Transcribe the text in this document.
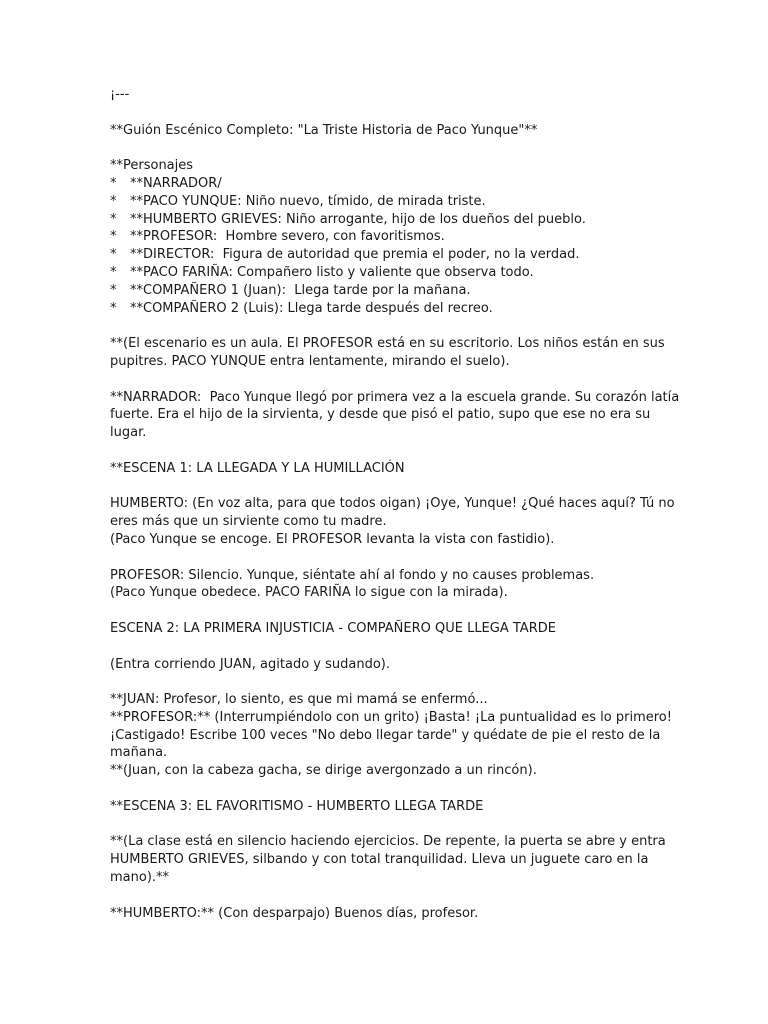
¡---
**Guión Escénico Completo: "La Triste Historia de Paco Yunque"**
**Personajes
* **NARRADOR/
* **PACO YUNQUE: Niño nuevo, tímido, de mirada triste.
* **HUMBERTO GRIEVES: Niño arrogante, hijo de los dueños del pueblo.
* **PROFESOR:  Hombre severo, con favoritismos.
* **DIRECTOR:  Figura de autoridad que premia el poder, no la verdad.
* **PACO FARIÑA: Compañero listo y valiente que observa todo.
* **COMPAÑERO 1 (Juan):  Llega tarde por la mañana.
* **COMPAÑERO 2 (Luis): Llega tarde después del recreo.
**(El escenario es un aula. El PROFESOR está en su escritorio. Los niños están en sus
pupitres. PACO YUNQUE entra lentamente, mirando el suelo).
**NARRADOR:  Paco Yunque llegó por primera vez a la escuela grande. Su corazón latía
fuerte. Era el hijo de la sirvienta, y desde que pisó el patio, supo que ese no era su
lugar.
**ESCENA 1: LA LLEGADA Y LA HUMILLACIÓN
HUMBERTO: (En voz alta, para que todos oigan) ¡Oye, Yunque! ¿Qué haces aquí? Tú no
eres más que un sirviente como tu madre.
(Paco Yunque se encoge. El PROFESOR levanta la vista con fastidio).
PROFESOR: Silencio. Yunque, siéntate ahí al fondo y no causes problemas.
(Paco Yunque obedece. PACO FARIÑA lo sigue con la mirada).
ESCENA 2: LA PRIMERA INJUSTICIA - COMPAÑERO QUE LLEGA TARDE
(Entra corriendo JUAN, agitado y sudando).
**JUAN: Profesor, lo siento, es que mi mamá se enfermó...
**PROFESOR:** (Interrumpiéndolo con un grito) ¡Basta! ¡La puntualidad es lo primero!
¡Castigado! Escribe 100 veces "No debo llegar tarde" y quédate de pie el resto de la
mañana.
**(Juan, con la cabeza gacha, se dirige avergonzado a un rincón).
**ESCENA 3: EL FAVORITISMO - HUMBERTO LLEGA TARDE
**(La clase está en silencio haciendo ejercicios. De repente, la puerta se abre y entra
HUMBERTO GRIEVES, silbando y con total tranquilidad. Lleva un juguete caro en la
mano).**
**HUMBERTO:** (Con desparpajo) Buenos días, profesor.
